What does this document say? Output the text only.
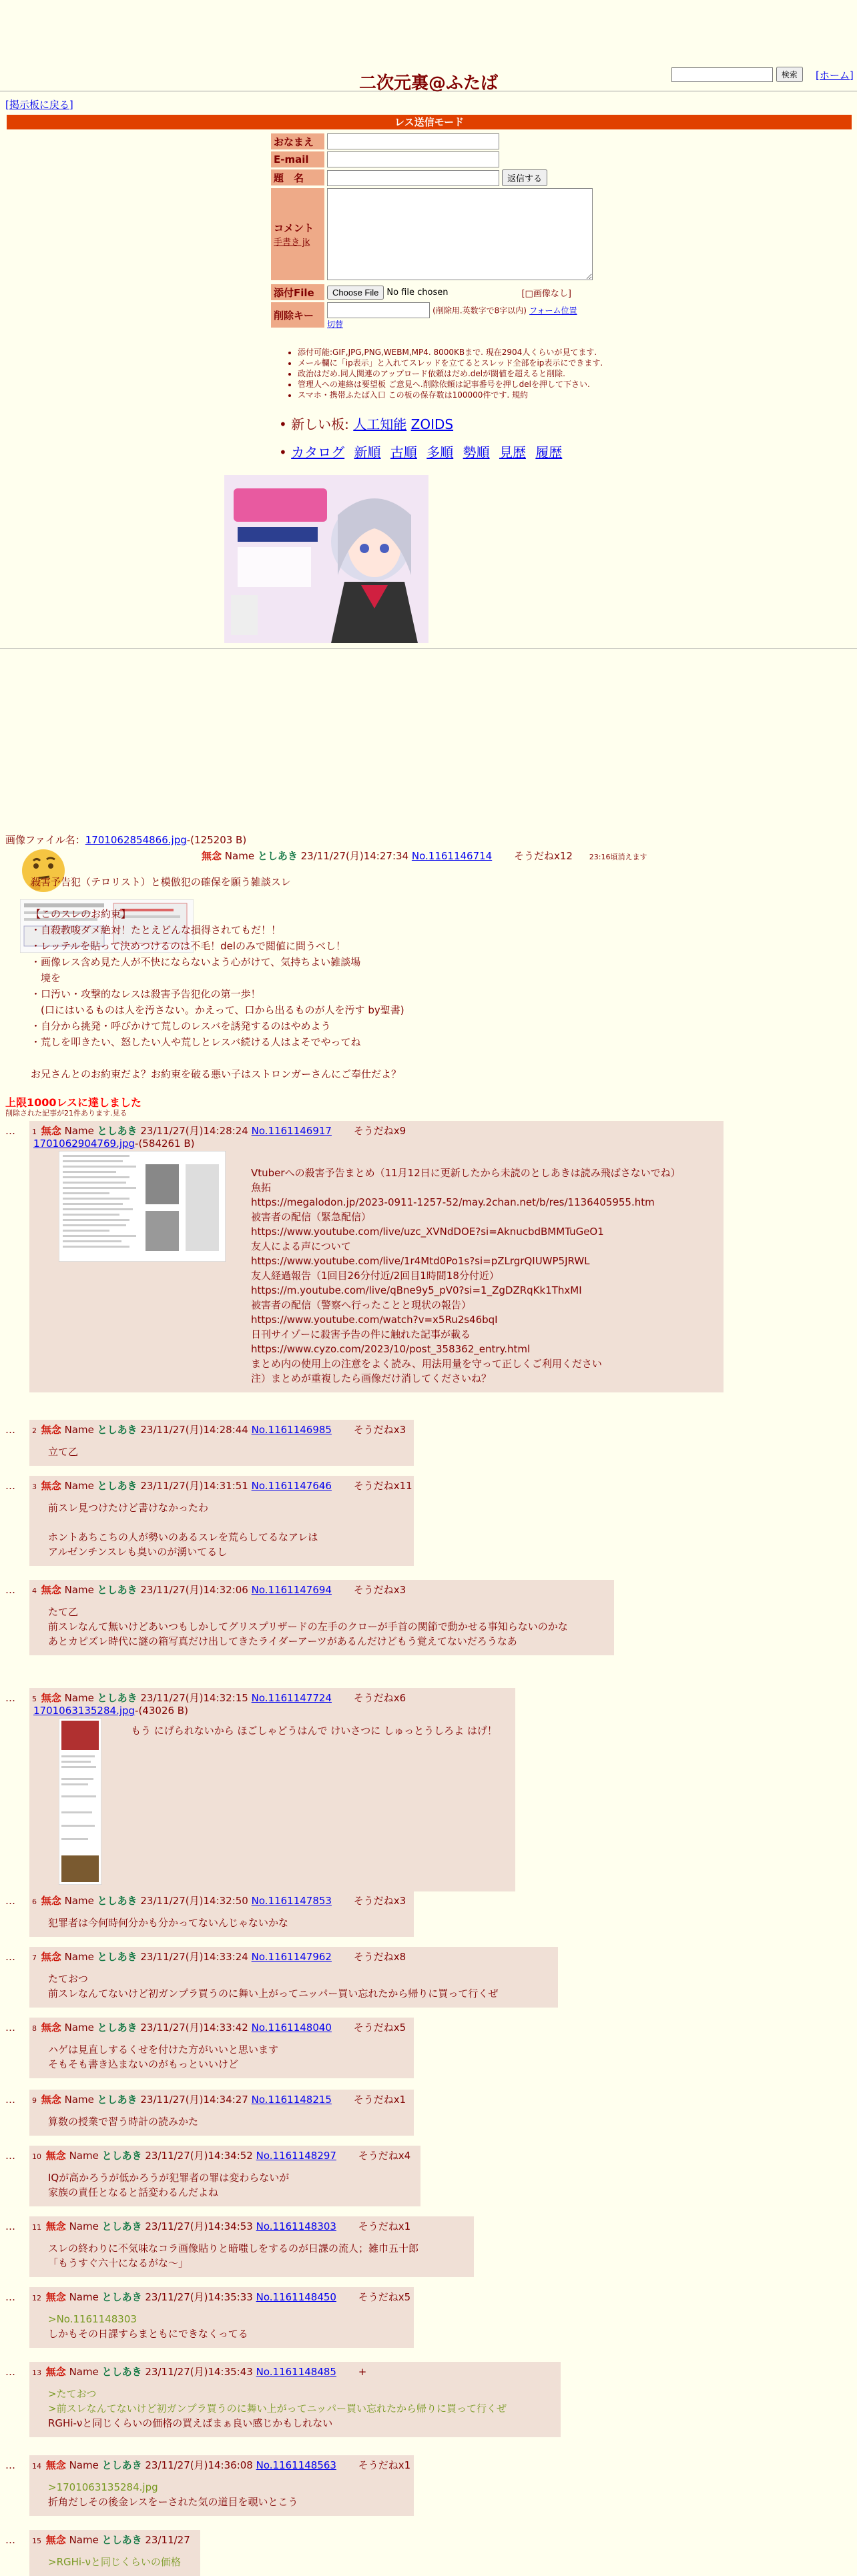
検索	[ホーム]
二次元裏@ふたば
[掲示板に戻る]
レス送信モード
おなまえ
E-mail
題　名	返信する
コメント
手書き jk
添付File	Choose File No file chosen	[□画像なし]
削除キー	(削除用.英数字で8字以内) フォーム位置
切替
• 添付可能:GIF,JPG,PNG,WEBM,MP4. 8000KBまで. 現在2904人くらいが見てます.
• メール欄に「ip表示」と入れてスレッドを立てるとスレッド全部をip表示にできます.
• 政治はだめ.同人関連のアップロード依頼はだめ.delが閾値を超えると削除.
• 管理人への連絡は要望板 ご意見へ.削除依頼は記事番号を押しdelを押して下さい.
• スマホ・携帯ふたば入口 この板の保存数は100000件です. 規約
• 新しい板: 人工知能 ZOIDS
• カタログ 新順 古順 多順 勢順 見歴 履歴
画像ファイル名：1701062854866.jpg-(125203 B)
無念 Name としあき 23/11/27(月)14:27:34 No.1161146714 そうだねx12 23:16頃消えます
殺害予告犯（テロリスト）と模倣犯の確保を願う雑談スレ

【このスレのお約束】
・自殺教唆ダメ絶対！たとえどんな損得されてもだ！！
・レッテルを貼って決めつけるのは不毛！delのみで閲値に問うべし！
・画像レス含め見た人が不快にならないよう心がけて、気持ちよい雑談場
　境を
・口汚い・攻撃的なレスは殺害予告犯化の第一歩！
　(口にはいるものは人を汚さない。かえって、口から出るものが人を汚す by聖書)
・自分から挑発・呼びかけて荒しのレスバを誘発するのはやめよう
・荒しを叩きたい、怒したい人や荒しとレスバ続ける人はよそでやってね

お兄さんとのお約束だよ？お約束を破る悪い子はストロンガーさんにご奉仕だよ？
上限1000レスに達しました
削除された記事が21件あります.見る
…	1 無念 Name としあき 23/11/27(月)14:28:24 No.1161146917 そうだねx9
1701062904769.jpg-(584261 B)
Vtuberへの殺害予告まとめ（11月12日に更新したから未読のとしあきは読み飛ばさないでね）
魚拓
https://megalodon.jp/2023-0911-1257-52/may.2chan.net/b/res/1136405955.htm
被害者の配信（緊急配信）
https://www.youtube.com/live/uzc_XVNdDOE?si=AknucbdBMMTuGeO1
友人による声について
https://www.youtube.com/live/1r4Mtd0Po1s?si=pZLrgrQIUWP5JRWL
友人経過報告（1回目26分付近/2回目1時間18分付近）
https://m.youtube.com/live/qBne9y5_pV0?si=1_ZgDZRqKk1ThxMI
被害者の配信（警察へ行ったことと現状の報告）
https://www.youtube.com/watch?v=x5Ru2s46bqI
日刊サイゾーに殺害予告の件に触れた記事が載る
https://www.cyzo.com/2023/10/post_358362_entry.html
まとめ内の使用上の注意をよく読み、用法用量を守って正しくご利用ください
注）まとめが重複したら画像だけ消してくださいね？
…	2 無念 Name としあき 23/11/27(月)14:28:44 No.1161146985 そうだねx3
立て乙
…	3 無念 Name としあき 23/11/27(月)14:31:51 No.1161147646 そうだねx11
前スレ見つけたけど書けなかったわ

ホントあちこちの人が勢いのあるスレを荒らしてるなアレは
アルゼンチンスレも臭いのが湧いてるし
…	4 無念 Name としあき 23/11/27(月)14:32:06 No.1161147694 そうだねx3
たて乙
前スレなんて無いけどあいつもしかしてグリスプリザードの左手のクローが手首の関節で動かせる事知らないのかな
あとカピズレ時代に謎の箱写真だけ出してきたライダーアーツがあるんだけどもう覚えてないだろうなあ
…	5 無念 Name としあき 23/11/27(月)14:32:15 No.1161147724 そうだねx6
1701063135284.jpg-(43026 B)
もう にげられないから ほごしゃどうはんで けいさつに しゅっとうしろよ はげ！
…	6 無念 Name としあき 23/11/27(月)14:32:50 No.1161147853 そうだねx3
犯罪者は今何時何分かも分かってないんじゃないかな
…	7 無念 Name としあき 23/11/27(月)14:33:24 No.1161147962 そうだねx8
たておつ
前スレなんてないけど初ガンプラ買うのに舞い上がってニッパー買い忘れたから帰りに買って行くぜ
…	8 無念 Name としあき 23/11/27(月)14:33:42 No.1161148040 そうだねx5
ハゲは見直しするくせを付けた方がいいと思います
そもそも書き込まないのがもっといいけど
…	9 無念 Name としあき 23/11/27(月)14:34:27 No.1161148215 そうだねx1
算数の授業で習う時計の読みかた
…	10 無念 Name としあき 23/11/27(月)14:34:52 No.1161148297 そうだねx4
IQが高かろうが低かろうが犯罪者の罪は変わらないが
家族の責任となると話変わるんだよね
…	11 無念 Name としあき 23/11/27(月)14:34:53 No.1161148303 そうだねx1
スレの終わりに不気味なコラ画像貼りと暗嗤しをするのが日課の流人；雑巾五十郎
「もうすぐ六十になるがな～」
…	12 無念 Name としあき 23/11/27(月)14:35:33 No.1161148450 そうだねx5
>No.1161148303
しかもその日課すらまともにできなくってる
…	13 無念 Name としあき 23/11/27(月)14:35:43 No.1161148485 +
>たておつ
>前スレなんてないけど初ガンプラ買うのに舞い上がってニッパー買い忘れたから帰りに買って行くぜ
RGHi-νと同じくらいの価格の買えばまぁ良い感じかもしれない
…	14 無念 Name としあき 23/11/27(月)14:36:08 No.1161148563 そうだねx1
>1701063135284.jpg
折角だしその後金レスをーされた気の道目を覗いとこう
…	15 無念 Name としあき 23/11/27
>RGHi-νと同じくらいの価格
